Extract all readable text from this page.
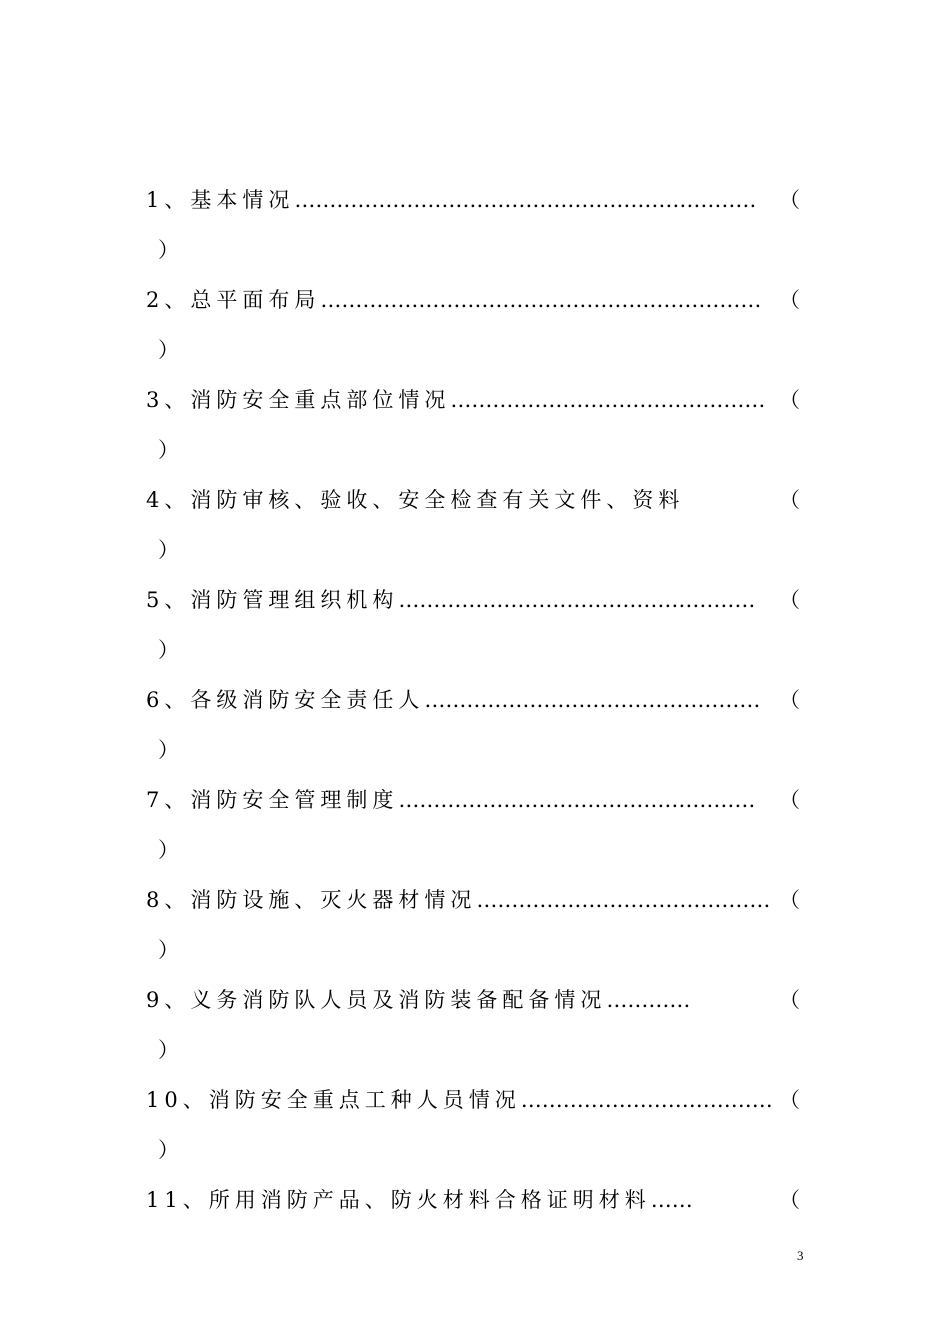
1、基本情况………………………………………………………… （
）
2、总平面布局……………………………………………………… （
）
3、消防安全重点部位情况……………………………………… （
）
4、消防审核、验收、安全检查有关文件、资料	（
）
5、消防管理组织机构…………………………………………… （
）
6、各级消防安全责任人………………………………………… （
）
7、消防安全管理制度…………………………………………… （
）
8、消防设施、灭火器材情况…………………………………… （
）
9、义务消防队人员及消防装备配备情况…………	（
）
10、消防安全重点工种人员情况……………………………… （
）
11、所用消防产品、防火材料合格证明材料……	（
3
